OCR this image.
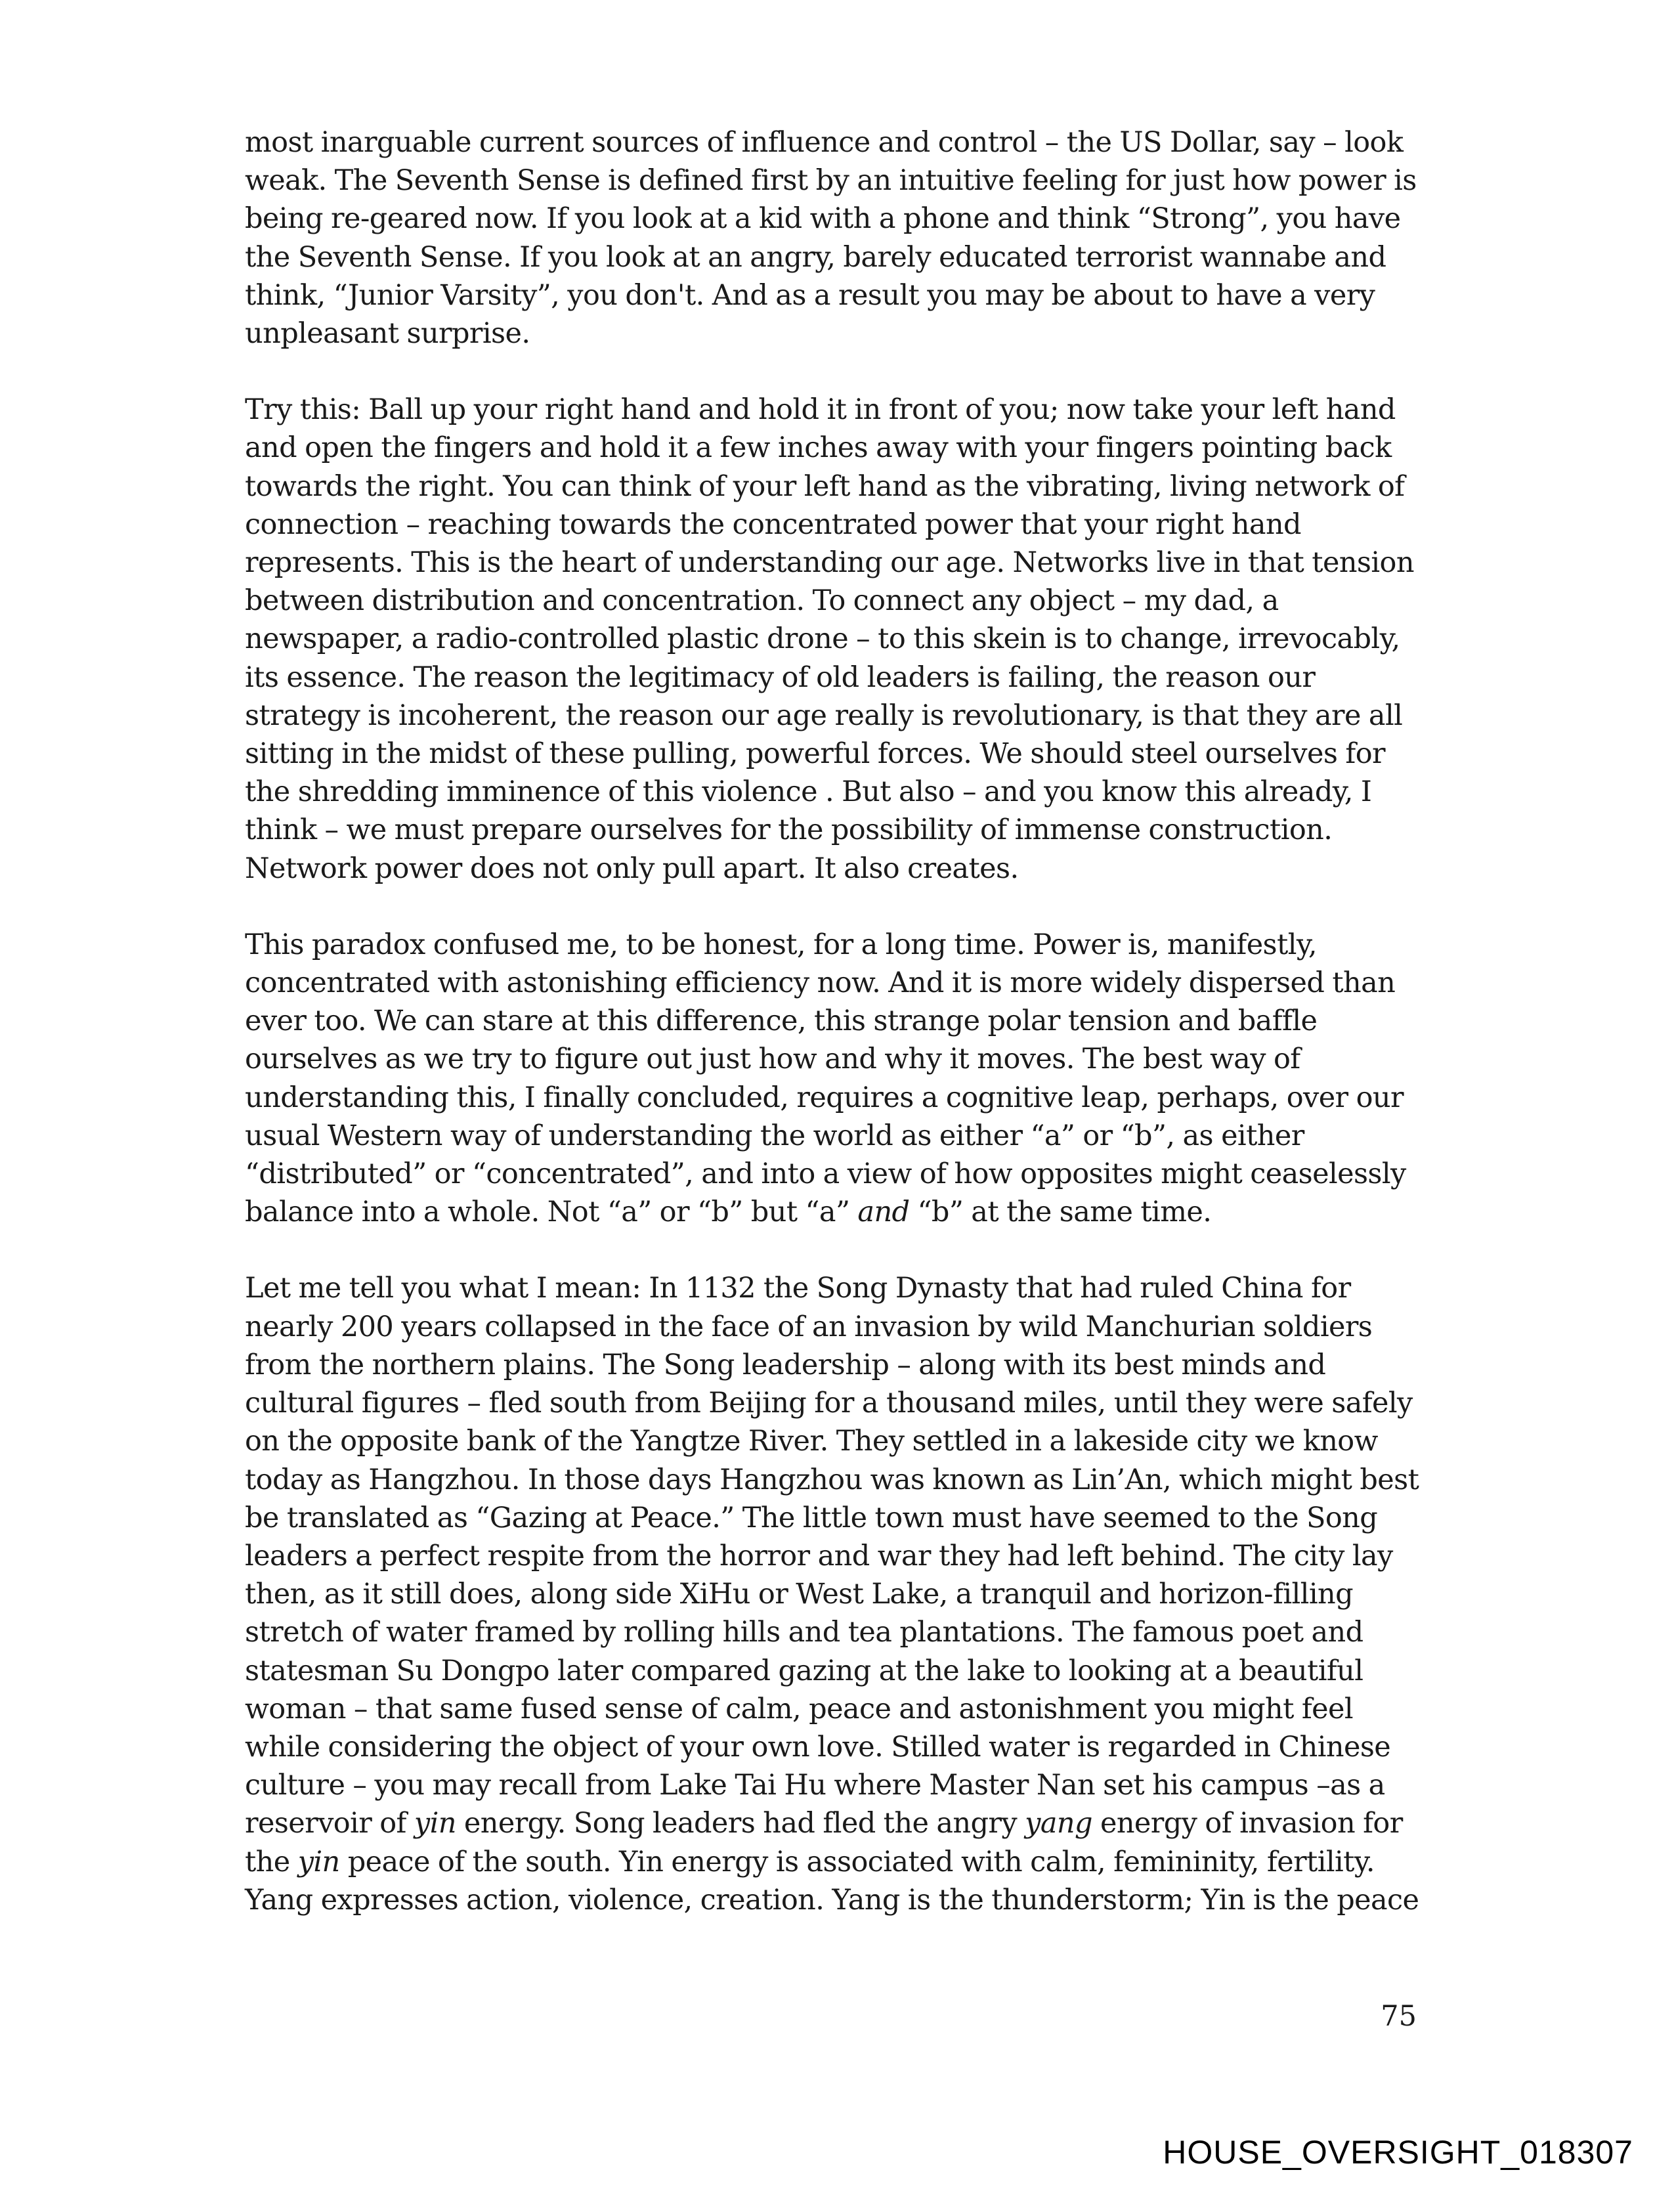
most inarguable current sources of influence and control – the US Dollar, say – look
weak. The Seventh Sense is defined first by an intuitive feeling for just how power is
being re-geared now. If you look at a kid with a phone and think “Strong”, you have
the Seventh Sense. If you look at an angry, barely educated terrorist wannabe and
think, “Junior Varsity”, you don't. And as a result you may be about to have a very
unpleasant surprise.

Try this: Ball up your right hand and hold it in front of you; now take your left hand
and open the fingers and hold it a few inches away with your fingers pointing back
towards the right. You can think of your left hand as the vibrating, living network of
connection – reaching towards the concentrated power that your right hand
represents. This is the heart of understanding our age. Networks live in that tension
between distribution and concentration. To connect any object – my dad, a
newspaper, a radio-controlled plastic drone – to this skein is to change, irrevocably,
its essence. The reason the legitimacy of old leaders is failing, the reason our
strategy is incoherent, the reason our age really is revolutionary, is that they are all
sitting in the midst of these pulling, powerful forces. We should steel ourselves for
the shredding imminence of this violence . But also – and you know this already, I
think – we must prepare ourselves for the possibility of immense construction.
Network power does not only pull apart. It also creates.

This paradox confused me, to be honest, for a long time. Power is, manifestly,
concentrated with astonishing efficiency now. And it is more widely dispersed than
ever too. We can stare at this difference, this strange polar tension and baffle
ourselves as we try to figure out just how and why it moves. The best way of
understanding this, I finally concluded, requires a cognitive leap, perhaps, over our
usual Western way of understanding the world as either “a” or “b”, as either
“distributed” or “concentrated”, and into a view of how opposites might ceaselessly
balance into a whole. Not “a” or “b” but “a” and “b” at the same time.

Let me tell you what I mean: In 1132 the Song Dynasty that had ruled China for
nearly 200 years collapsed in the face of an invasion by wild Manchurian soldiers
from the northern plains. The Song leadership – along with its best minds and
cultural figures – fled south from Beijing for a thousand miles, until they were safely
on the opposite bank of the Yangtze River. They settled in a lakeside city we know
today as Hangzhou. In those days Hangzhou was known as Lin’An, which might best
be translated as “Gazing at Peace.” The little town must have seemed to the Song
leaders a perfect respite from the horror and war they had left behind. The city lay
then, as it still does, along side XiHu or West Lake, a tranquil and horizon-filling
stretch of water framed by rolling hills and tea plantations. The famous poet and
statesman Su Dongpo later compared gazing at the lake to looking at a beautiful
woman – that same fused sense of calm, peace and astonishment you might feel
while considering the object of your own love. Stilled water is regarded in Chinese
culture – you may recall from Lake Tai Hu where Master Nan set his campus –as a
reservoir of yin energy. Song leaders had fled the angry yang energy of invasion for
the yin peace of the south. Yin energy is associated with calm, femininity, fertility.
Yang expresses action, violence, creation. Yang is the thunderstorm; Yin is the peace

75
HOUSE_OVERSIGHT_018307
